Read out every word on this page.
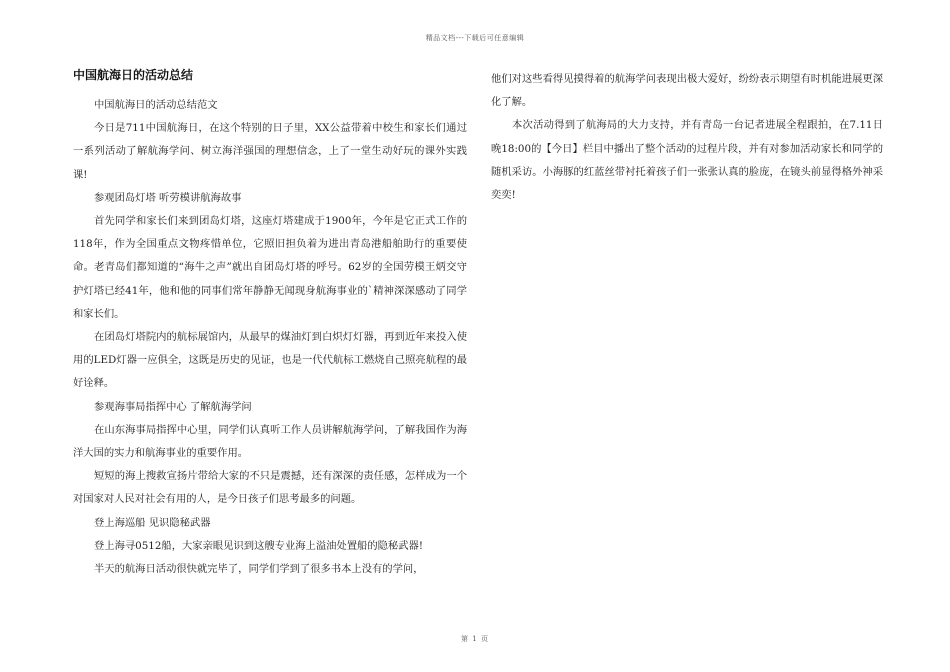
精品文档---下载后可任意编辑
中国航海日的活动总结

中国航海日的活动总结范文

今日是711中国航海日，在这个特别的日子里，XX公益带着中校生和家长们通过一系列活动了解航海学问、树立海洋强国的理想信念，上了一堂生动好玩的课外实践课!

参观团岛灯塔 听劳模讲航海故事

首先同学和家长们来到团岛灯塔，这座灯塔建成于1900年，今年是它正式工作的118年，作为全国重点文物疼惜单位，它照旧担负着为进出青岛港船舶助行的重要使命。老青岛们都知道的“海牛之声”就出自团岛灯塔的呼号。62岁的全国劳模王炳交守护灯塔已经41年，他和他的同事们常年静静无闻现身航海事业的`精神深深感动了同学和家长们。

在团岛灯塔院内的航标展馆内，从最早的煤油灯到白炽灯灯器，再到近年来投入使用的LED灯器一应俱全，这既是历史的见证，也是一代代航标工燃烧自己照亮航程的最好诠释。

参观海事局指挥中心 了解航海学问

在山东海事局指挥中心里，同学们认真听工作人员讲解航海学问，了解我国作为海洋大国的实力和航海事业的重要作用。

短短的海上搜救宣扬片带给大家的不只是震撼，还有深深的责任感，怎样成为一个对国家对人民对社会有用的人，是今日孩子们思考最多的问题。

登上海巡船 见识隐秘武器

登上海寻0512船，大家亲眼见识到这艘专业海上溢油处置船的隐秘武器!

半天的航海日活动很快就完毕了，同学们学到了很多书本上没有的学问，

他们对这些看得见摸得着的航海学问表现出极大爱好，纷纷表示期望有时机能进展更深化了解。

本次活动得到了航海局的大力支持，并有青岛一台记者进展全程跟拍，在7.11日晚18:00的【今日】栏目中播出了整个活动的过程片段，并有对参加活动家长和同学的随机采访。小海豚的红蓝丝带衬托着孩子们一张张认真的脸庞，在镜头前显得格外神采奕奕!

第 1 页
